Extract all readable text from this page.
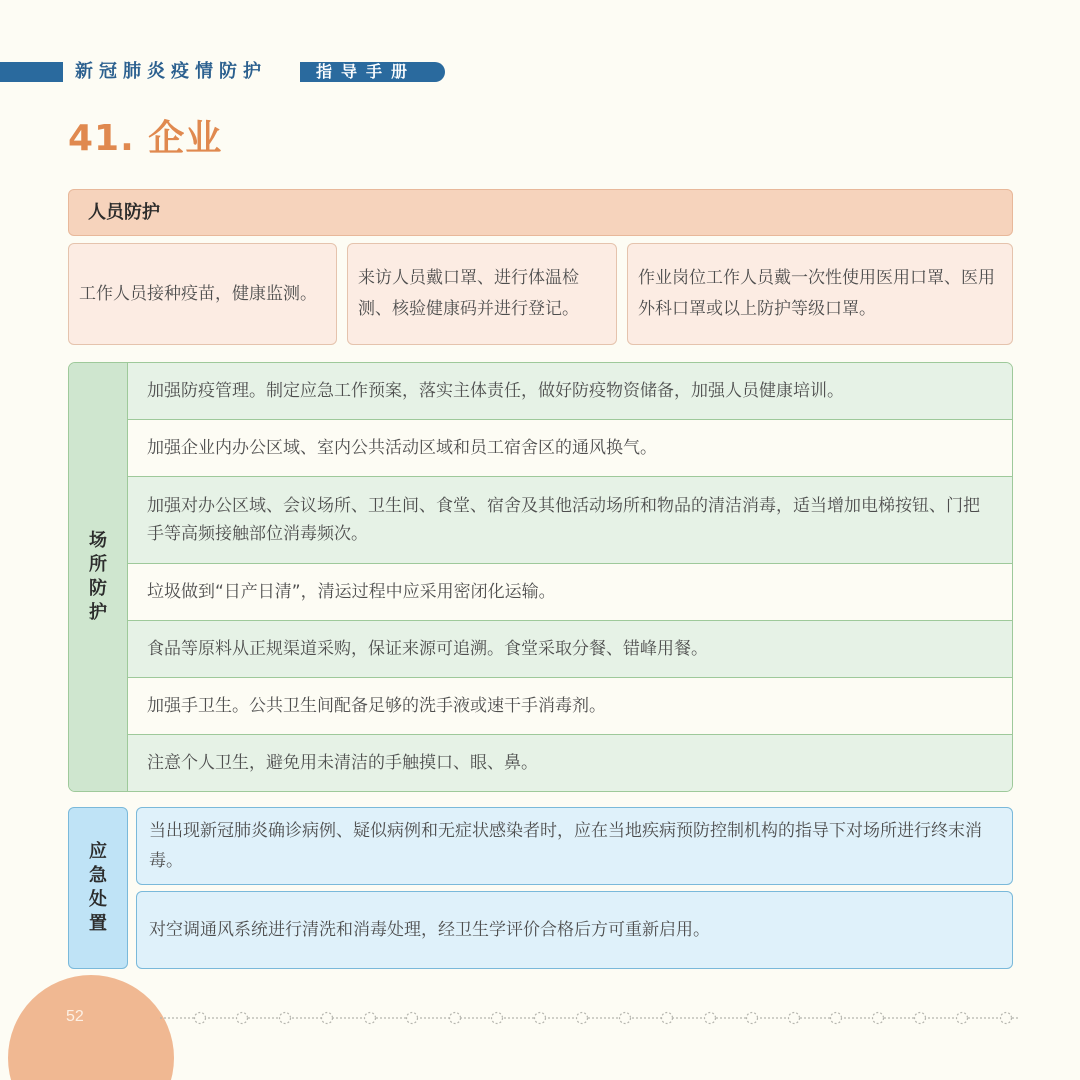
新冠肺炎疫情防护	指导手册
41. 企业
人员防护
工作人员接种疫苗，健康监测。
来访人员戴口罩、进行体温检测、核验健康码并进行登记。
作业岗位工作人员戴一次性使用医用口罩、医用外科口罩或以上防护等级口罩。
场所防护
加强防疫管理。制定应急工作预案，落实主体责任，做好防疫物资储备，加强人员健康培训。
加强企业内办公区域、室内公共活动区域和员工宿舍区的通风换气。
加强对办公区域、会议场所、卫生间、食堂、宿舍及其他活动场所和物品的清洁消毒，适当增加电梯按钮、门把手等高频接触部位消毒频次。
垃圾做到“日产日清”，清运过程中应采用密闭化运输。
食品等原料从正规渠道采购，保证来源可追溯。食堂采取分餐、错峰用餐。
加强手卫生。公共卫生间配备足够的洗手液或速干手消毒剂。
注意个人卫生，避免用未清洁的手触摸口、眼、鼻。
应急处置
当出现新冠肺炎确诊病例、疑似病例和无症状感染者时，应在当地疾病预防控制机构的指导下对场所进行终末消毒。
对空调通风系统进行清洗和消毒处理，经卫生学评价合格后方可重新启用。
52
